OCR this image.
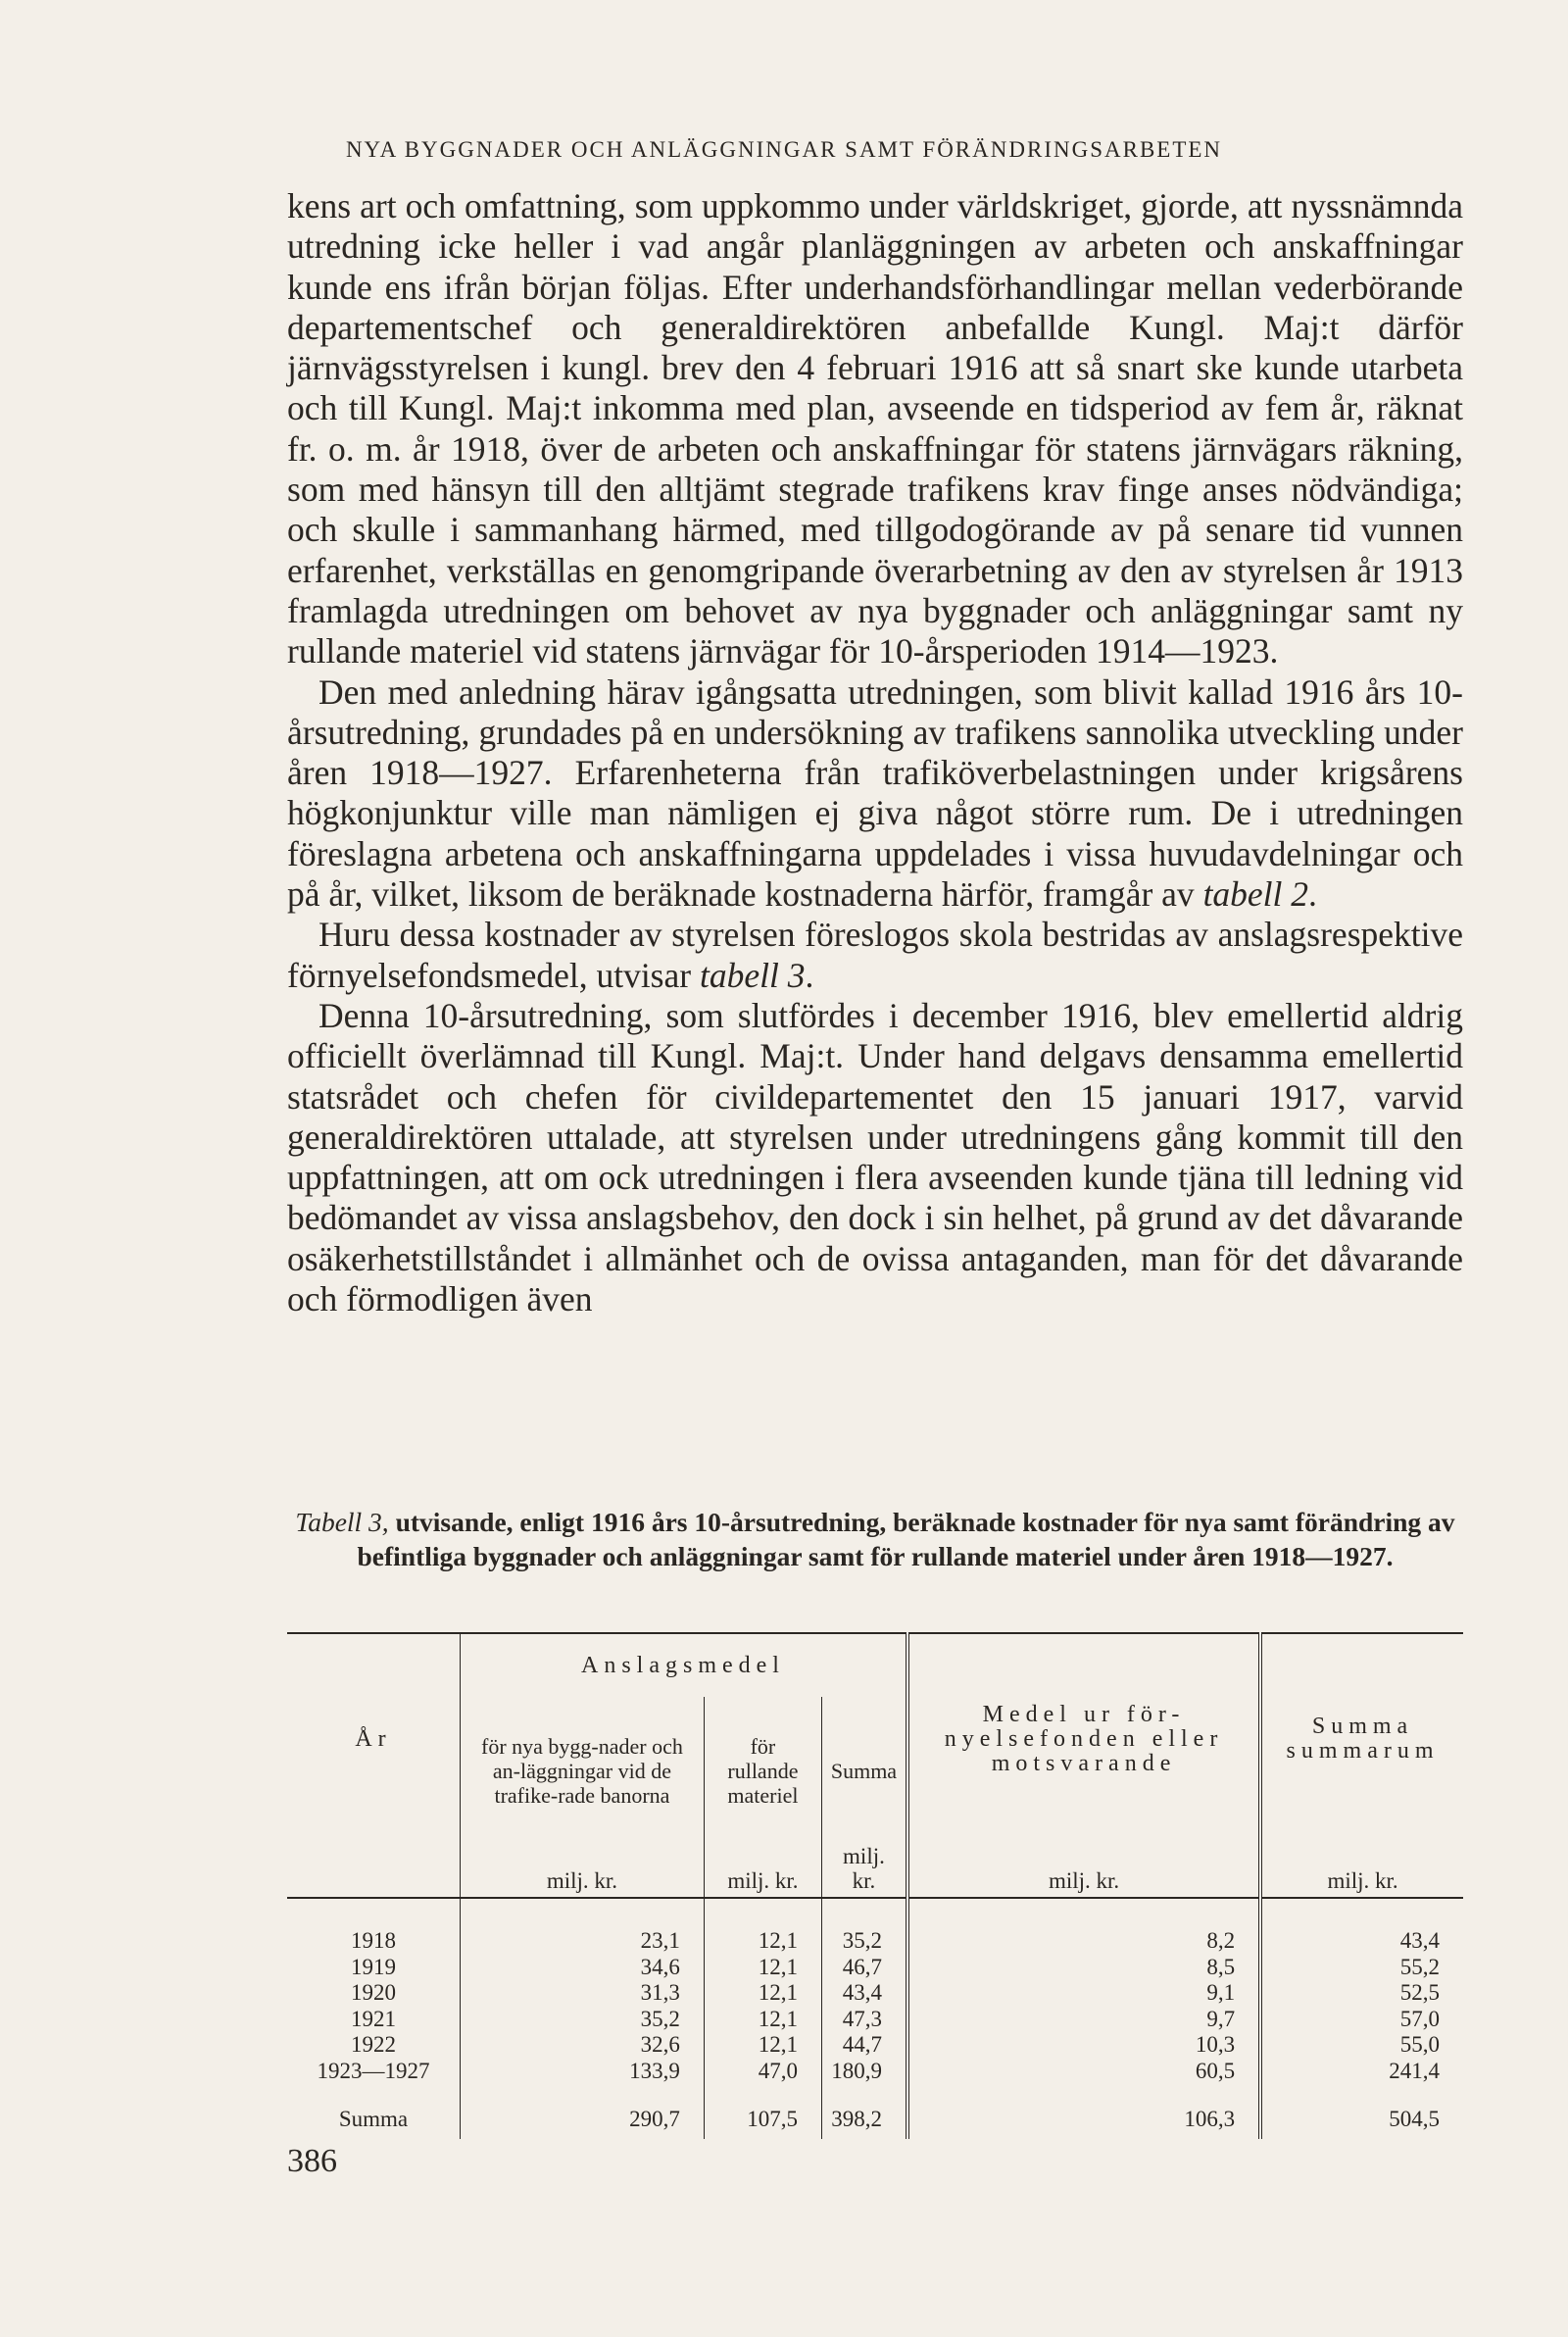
NYA BYGGNADER OCH ANLÄGGNINGAR SAMT FÖRÄNDRINGSARBETEN

kens art och omfattning, som uppkommo under världskriget, gjorde, att nyssnämnda utredning icke heller i vad angår planläggningen av arbeten och anskaffningar kunde ens ifrån början följas. Efter underhandsförhandlingar mellan vederbörande departementschef och generaldirektören anbefallde Kungl. Maj:t därför järnvägsstyrelsen i kungl. brev den 4 februari 1916 att så snart ske kunde utarbeta och till Kungl. Maj:t inkomma med plan, avseende en tidsperiod av fem år, räknat fr. o. m. år 1918, över de arbeten och anskaffningar för statens järnvägars räkning, som med hänsyn till den alltjämt stegrade trafikens krav finge anses nödvändiga; och skulle i sammanhang härmed, med tillgodogörande av på senare tid vunnen erfarenhet, verkställas en genomgripande överarbetning av den av styrelsen år 1913 framlagda utredningen om behovet av nya byggnader och anläggningar samt ny rullande materiel vid statens järnvägar för 10-årsperioden 1914—1923.

Den med anledning härav igångsatta utredningen, som blivit kallad 1916 års 10-årsutredning, grundades på en undersökning av trafikens sannolika utveckling under åren 1918—1927. Erfarenheterna från trafiköverbelastningen under krigsårens högkonjunktur ville man nämligen ej giva något större rum. De i utredningen föreslagna arbetena och anskaffningarna uppdelades i vissa huvudavdelningar och på år, vilket, liksom de beräknade kostnaderna härför, framgår av tabell 2.

Huru dessa kostnader av styrelsen föreslogos skola bestridas av anslagsrespektive förnyelsefondsmedel, utvisar tabell 3.

Denna 10-årsutredning, som slutfördes i december 1916, blev emellertid aldrig officiellt överlämnad till Kungl. Maj:t. Under hand delgavs densamma emellertid statsrådet och chefen för civildepartementet den 15 januari 1917, varvid generaldirektören uttalade, att styrelsen under utredningens gång kommit till den uppfattningen, att om ock utredningen i flera avseenden kunde tjäna till ledning vid bedömandet av vissa anslagsbehov, den dock i sin helhet, på grund av det dåvarande osäkerhetstillståndet i allmänhet och de ovissa antaganden, man för det dåvarande och förmodligen även

Tabell 3, utvisande, enligt 1916 års 10-årsutredning, beräknade kostnader för nya samt förändring av befintliga byggnader och anläggningar samt för rullande materiel under åren 1918—1927.
År	Anslagsmedel			Medel ur för-nyelsefonden eller motsvarande	Summa summarum
	för nya bygg-nader och an-läggningar vid de trafike-rade banorna	för rullande materiel	Summa		
	milj. kr.	milj. kr.	milj. kr.	milj. kr.	milj. kr.
1918	23,1	12,1	35,2	8,2	43,4
1919	34,6	12,1	46,7	8,5	55,2
1920	31,3	12,1	43,4	9,1	52,5
1921	35,2	12,1	47,3	9,7	57,0
1922	32,6	12,1	44,7	10,3	55,0
1923—1927	133,9	47,0	180,9	60,5	241,4
Summa	290,7	107,5	398,2	106,3	504,5
386
